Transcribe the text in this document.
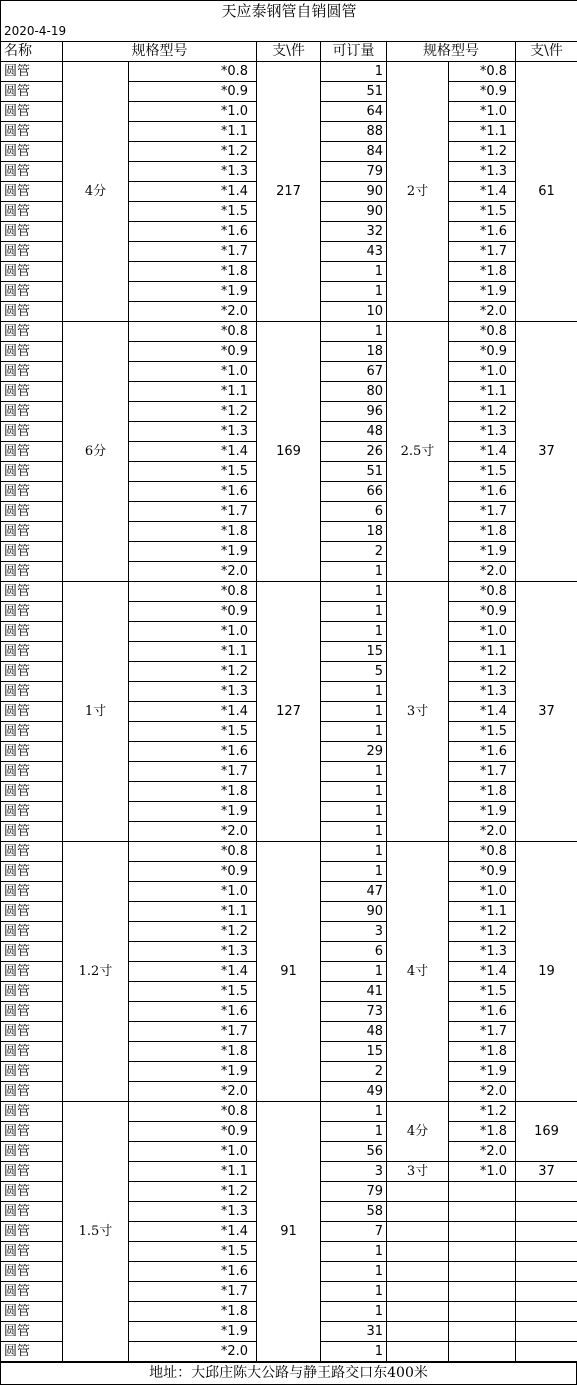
天应泰钢管自销圆管								
2020-4-19								
名称	规格型号		支\件	可订量	规格型号		支\件	
圆管	4分	*0.8	217	1	2寸	*0.8	61	
圆管		*0.9		51		*0.9	
圆管		*1.0		64		*1.0	
圆管		*1.1		88		*1.1	
圆管		*1.2		84		*1.2	
圆管		*1.3		79		*1.3	
圆管		*1.4		90		*1.4	
圆管		*1.5		90		*1.5	
圆管		*1.6		32		*1.6	
圆管		*1.7		43		*1.7	
圆管		*1.8		1		*1.8	
圆管		*1.9		1		*1.9	
圆管		*2.0		10		*2.0	
圆管	6分	*0.8	169	1	2.5寸	*0.8	37	
圆管		*0.9		18		*0.9	
圆管		*1.0		67		*1.0	
圆管		*1.1		80		*1.1	
圆管		*1.2		96		*1.2	
圆管		*1.3		48		*1.3	
圆管		*1.4		26		*1.4	
圆管		*1.5		51		*1.5	
圆管		*1.6		66		*1.6	
圆管		*1.7		6		*1.7	
圆管		*1.8		18		*1.8	
圆管		*1.9		2		*1.9	
圆管		*2.0		1		*2.0	
圆管	1寸	*0.8	127	1	3寸	*0.8	37	
圆管		*0.9		1		*0.9	
圆管		*1.0		1		*1.0	
圆管		*1.1		15		*1.1	
圆管		*1.2		5		*1.2	
圆管		*1.3		1		*1.3	
圆管		*1.4		1		*1.4	
圆管		*1.5		1		*1.5	
圆管		*1.6		29		*1.6	
圆管		*1.7		1		*1.7	
圆管		*1.8		1		*1.8	
圆管		*1.9		1		*1.9	
圆管		*2.0		1		*2.0	
圆管	1.2寸	*0.8	91	1	4寸	*0.8	19	
圆管		*0.9		1		*0.9	
圆管		*1.0		47		*1.0	
圆管		*1.1		90		*1.1	
圆管		*1.2		3		*1.2	
圆管		*1.3		6		*1.3	
圆管		*1.4		1		*1.4	
圆管		*1.5		41		*1.5	
圆管		*1.6		73		*1.6	
圆管		*1.7		48		*1.7	
圆管		*1.8		15		*1.8	
圆管		*1.9		2		*1.9	
圆管		*2.0		49		*2.0	
圆管	1.5寸	*0.8	91	1	4分	*1.2	169	
圆管		*0.9		1		*1.8	
圆管		*1.0		56		*2.0	
圆管		*1.1		3	3寸	*1.0	37	
圆管		*1.2		79				
圆管		*1.3		58				
圆管		*1.4		7				
圆管		*1.5		1				
圆管		*1.6		1				
圆管		*1.7		1				
圆管		*1.8		1				
圆管		*1.9		31				
圆管		*2.0		1				
地址：大邱庄陈大公路与静王路交口东400米
